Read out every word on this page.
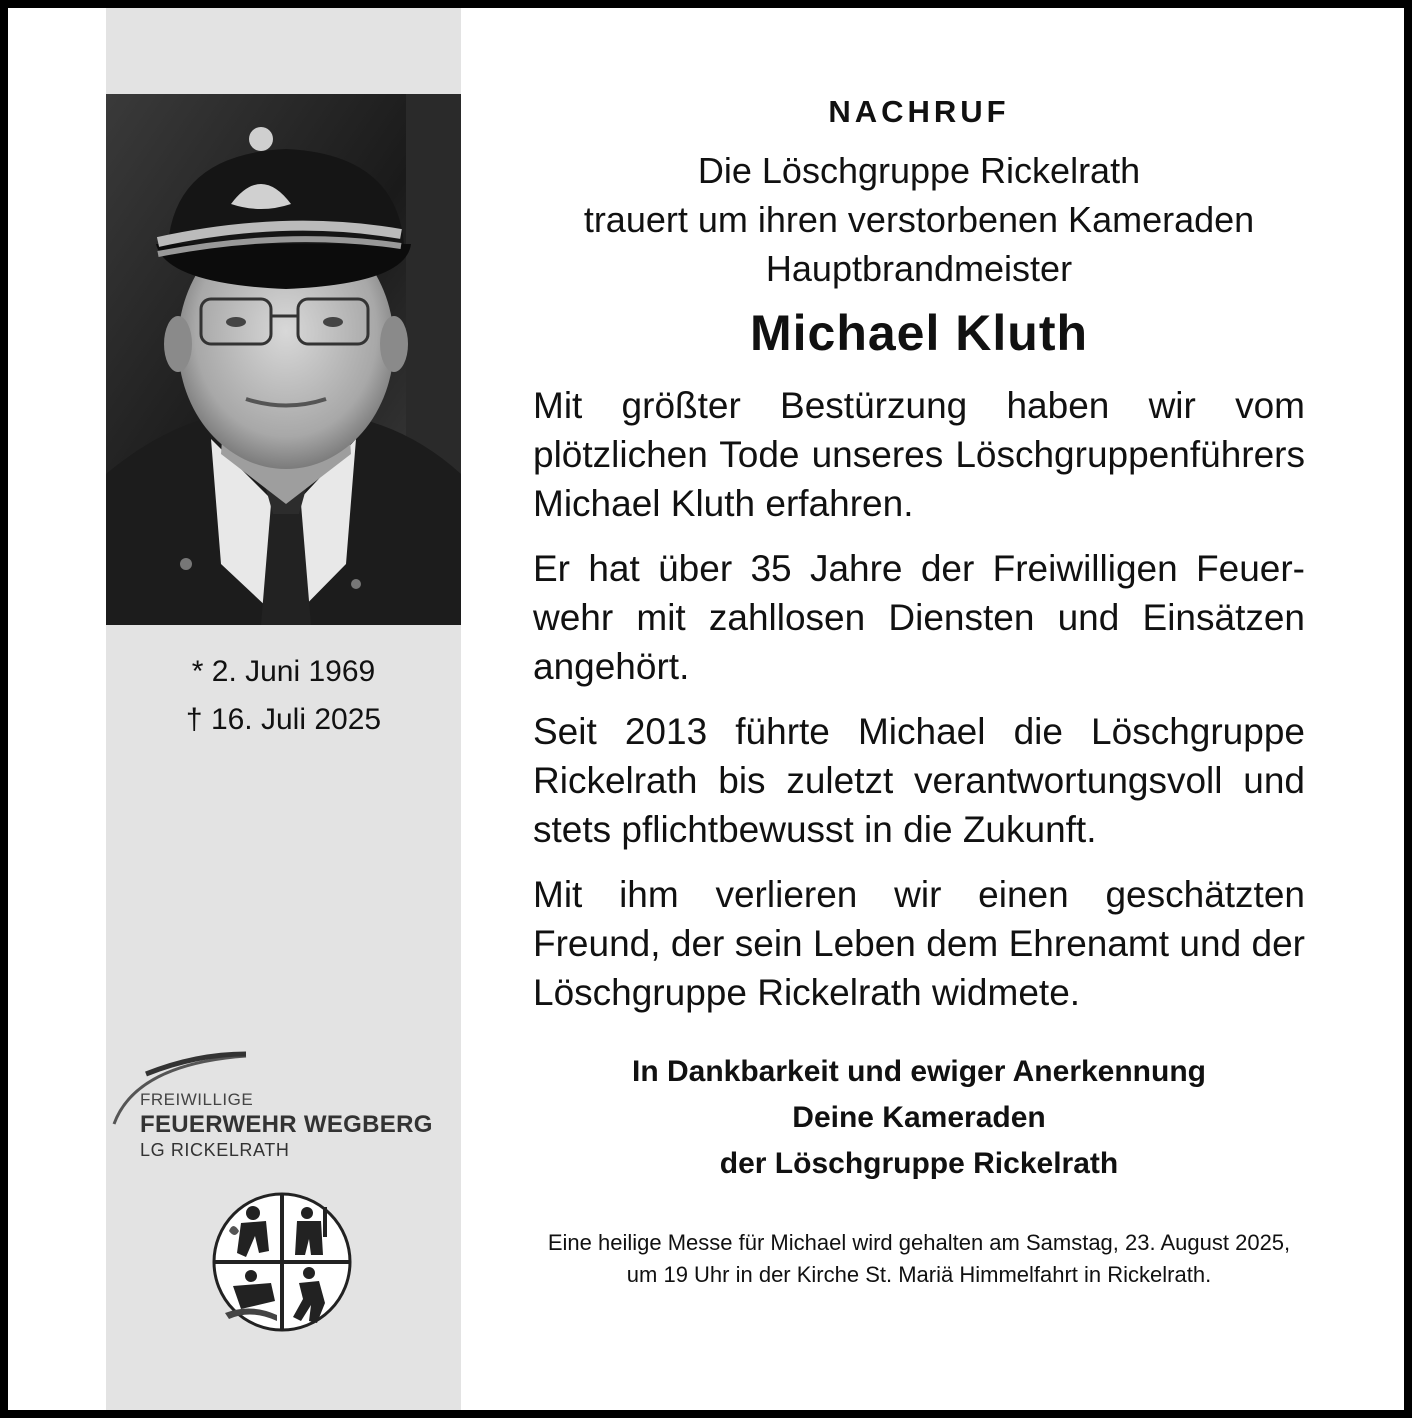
* 2. Juni 1969
† 16. Juli 2025
FREIWILLIGE
FEUERWEHR WEGBERG
LG RICKELRATH
NACHRUF
Die Löschgruppe Rickelrath
trauert um ihren verstorbenen Kameraden
Hauptbrandmeister
Michael Kluth

Mit größter Bestürzung haben wir vom plötzlichen Tode unseres Löschgruppenführers Michael Kluth erfahren.

Er hat über 35 Jahre der Freiwilligen Feuerwehr mit zahllosen Diensten und Einsätzen angehört.

Seit 2013 führte Michael die Löschgruppe Rickelrath bis zuletzt verantwortungsvoll und stets pflichtbewusst in die Zukunft.

Mit ihm verlieren wir einen geschätzten Freund, der sein Leben dem Ehrenamt und der Löschgruppe Rickelrath widmete.

In Dankbarkeit und ewiger Anerkennung
Deine Kameraden
der Löschgruppe Rickelrath
Eine heilige Messe für Michael wird gehalten am Samstag, 23. August 2025,
um 19 Uhr in der Kirche St. Mariä Himmelfahrt in Rickelrath.
